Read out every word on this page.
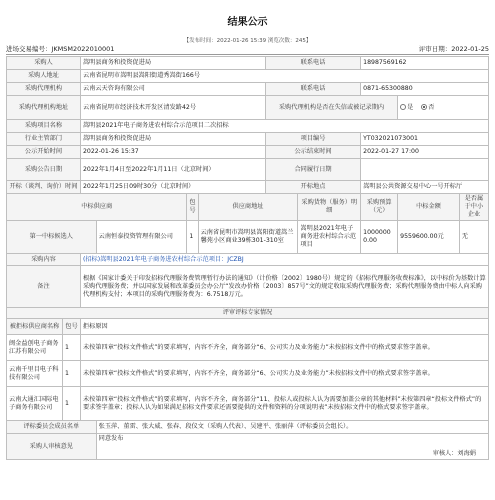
结果公示
【发布时间：2022-01-26 15:39 浏览次数：245】
进场交易编号：JKMSM2022010001	评审日期：2022-01-25
采购人		嵩明县商务和投资促进局				联系电话		18987569162		
采购人地址		云南省昆明市嵩明县嵩阳街道秀嵩街166号								
采购代理机构		云南云天咨询有限公司				联系电话		0871-65300880		
采购代理机构地址		云南省昆明市经济技术开发区清发路42号				采购代理机构是否在失信或被记录期内			是 否	
采购项目名称		嵩明县2021年电子商务进农村综合示范项目二次招标								
行业主管部门		嵩明县商务和投资促进局				项目编号		YT032021073001		
公示开始时间		2022-01-26 15:37				公示结束时间		2022-01-27 17:00		
采购公告日期		2022年1月4日至2022年1月11日（北京时间）				合同履行日期				
开标（谈判、询价）时间		2022年1月25日09时30分（北京时间）				开标地点		嵩明县公共资源交易中心一号开标厅		
中标供应商				包号	供应商地址		采购货物（服务）明细	采购预算（元）	中标金额	是否属于中小企业
第一中标候选人			云南恒泰投资管理有限公司	1	云南省昆明市嵩明县嵩阳街道嵩兰馨苑小区商业39栋301-310室		嵩明县2021年电子商务进农村综合示范项目	10000000.00	9559600.00元	无
采购内容		(招标)嵩明县2021年电子商务进农村综合示范项目：JCZBJ								
备注		根据《国家计委关于印发招标代理服务费管理暂行办法的通知》（计价格〔2002〕1980号）规定的《招标代理服务收费标准》，以中标价为基数计算采购代理服务费；并以国家发展和改革委员会办公厅“发改办价格〔2003〕857号”文的规定收取采购代理服务费；采购代理服务费由中标人向采购代理机构支付；本项目的采购代理服务费为：6.7518万元。								
评审评标专家情况										
被拒标供应商名称	包号	拒标原因								
闽金益创电子商务江苏有限公司	1	未按第四章“投标文件格式”的要求填写，内容不齐全，商务部分“6、公司实力及业务能力”未按招标文件中的格式要求签字盖章。								
云南千里目电子科技有限公司	1	未按第四章“投标文件格式”的要求填写，内容不齐全，商务部分“6、公司实力及业务能力”未按招标文件中的格式要求签字盖章。								
云南大通汇国际电子商务有限公司	1	未按第四章“投标文件格式”的要求填写，内容不齐全，商务部分“11、投标人或投标人认为需要加盖公章的其他材料”未按第四章“投标文件格式”的要求签字盖章；投标人认为如果满足招标文件要求还需要提供的文件和资料的分项说明表”未按招标文件中的格式要求签字盖章。								
评标委员会成员名单			张玉萍、董雷、张大威、张春、段仪文（采购人代表）、吴建平、张丽萍（评标委员会组长）。							
采购人审核意见			同意发布
审核人：刘海娟							
